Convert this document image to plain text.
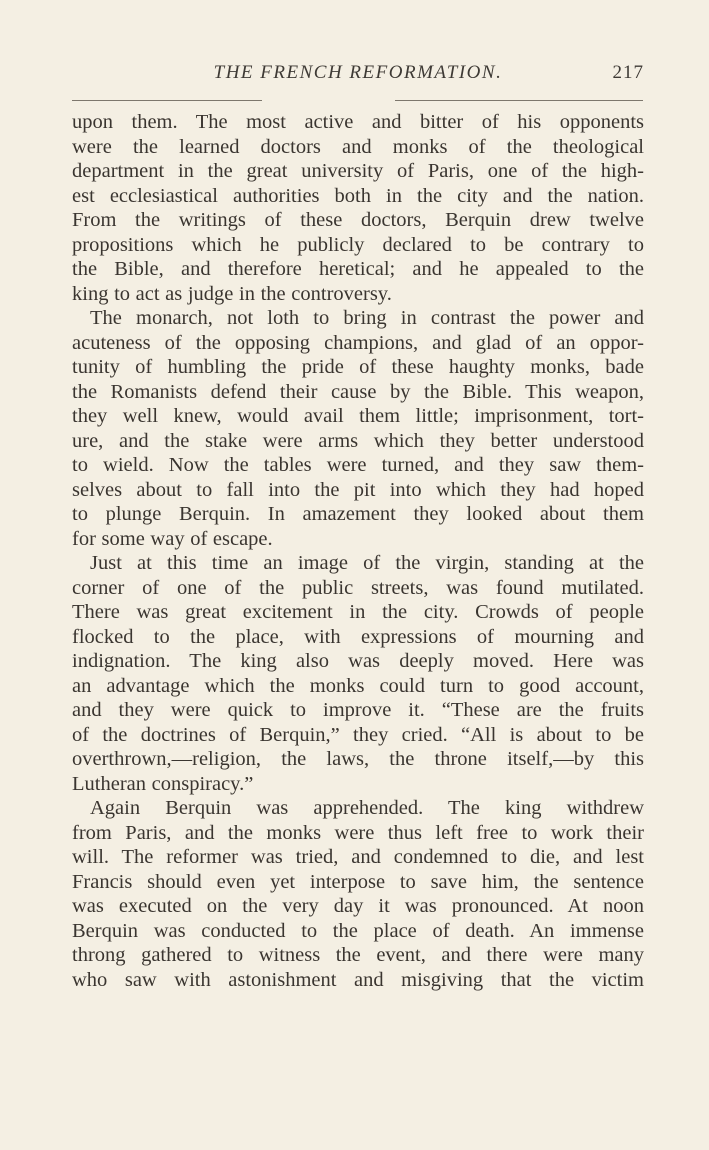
THE FRENCH REFORMATION.	217
upon them. The most active and bitter of his opponents
were the learned doctors and monks of the theological
department in the great university of Paris, one of the high-
est ecclesiastical authorities both in the city and the nation.
From the writings of these doctors, Berquin drew twelve
propositions which he publicly declared to be contrary to
the Bible, and therefore heretical; and he appealed to the
king to act as judge in the controversy.
The monarch, not loth to bring in contrast the power and
acuteness of the opposing champions, and glad of an oppor-
tunity of humbling the pride of these haughty monks, bade
the Romanists defend their cause by the Bible. This weapon,
they well knew, would avail them little; imprisonment, tort-
ure, and the stake were arms which they better understood
to wield. Now the tables were turned, and they saw them-
selves about to fall into the pit into which they had hoped
to plunge Berquin. In amazement they looked about them
for some way of escape.
Just at this time an image of the virgin, standing at the
corner of one of the public streets, was found mutilated.
There was great excitement in the city. Crowds of people
flocked to the place, with expressions of mourning and
indignation. The king also was deeply moved. Here was
an advantage which the monks could turn to good account,
and they were quick to improve it. “These are the fruits
of the doctrines of Berquin,” they cried. “All is about to be
overthrown,—religion, the laws, the throne itself,—by this
Lutheran conspiracy.”
Again Berquin was apprehended. The king withdrew
from Paris, and the monks were thus left free to work their
will. The reformer was tried, and condemned to die, and lest
Francis should even yet interpose to save him, the sentence
was executed on the very day it was pronounced. At noon
Berquin was conducted to the place of death. An immense
throng gathered to witness the event, and there were many
who saw with astonishment and misgiving that the victim
